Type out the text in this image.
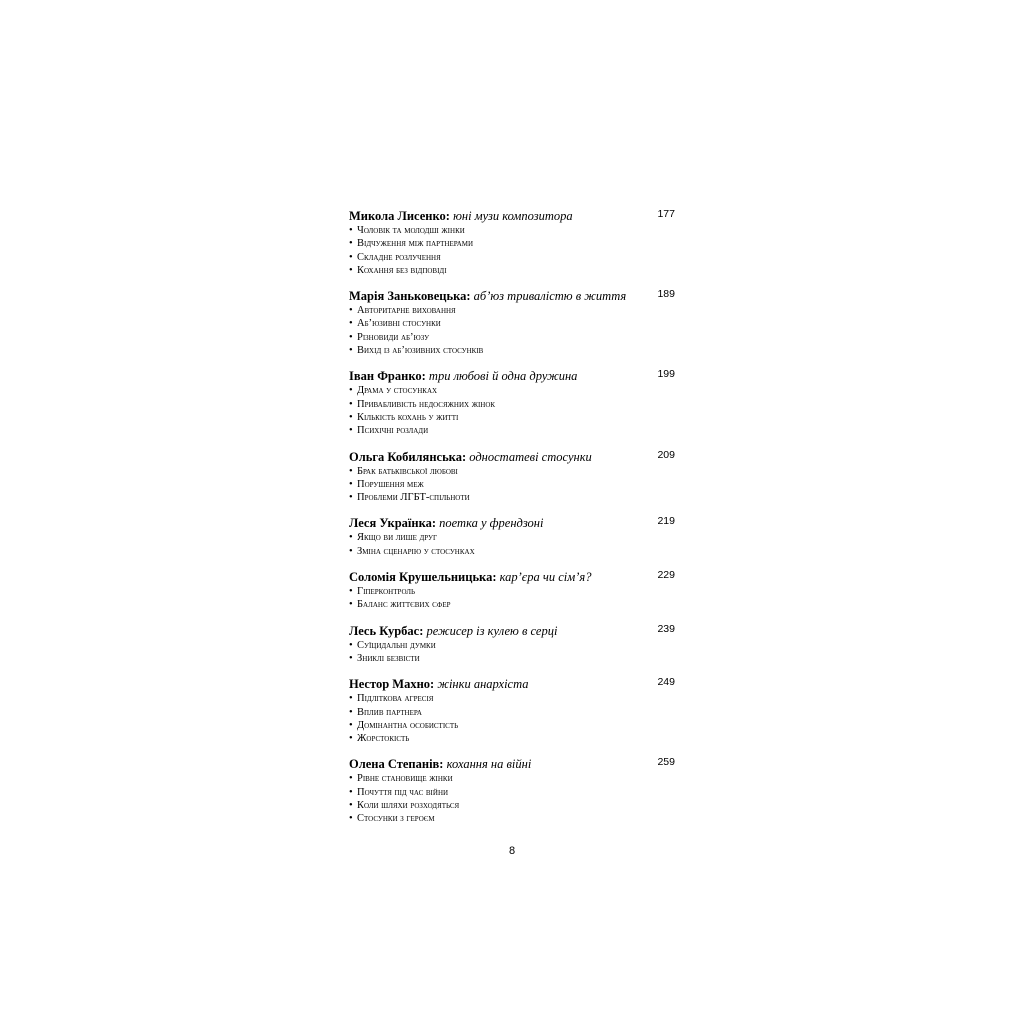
Микола Лисенко: юні музи композитора	177
• Чоловік та молодші жінки
• Відчуження між партнерами
• Складне розлучення
• Кохання без відповіді
Марія Заньковецька: аб’юз тривалістю в життя	189
• Авторитарне виховання
• Аб’юзивні стосунки
• Різновиди аб’юзу
• Вихід із аб’юзивних стосунків
Іван Франко: три любові й одна дружина	199
• Драма у стосунках
• Привабливість недосяжних жінок
• Кількість кохань у житті
• Психічні розлади
Ольга Кобилянська: одностатеві стосунки	209
• Брак батьківської любові
• Порушення меж
• Проблеми ЛГБТ-спільноти
Леся Українка: поетка у френдзоні	219
• Якщо ви лише друг
• Зміна сценарію у стосунках
Соломія Крушельницька: кар’єра чи сім’я?	229
• Гіперконтроль
• Баланс життєвих сфер
Лесь Курбас: режисер із кулею в серці	239
• Суїцидальні думки
• Зниклі безвісти
Нестор Махно: жінки анархіста	249
• Підліткова агресія
• Вплив партнера
• Домінантна особистість
• Жорстокість
Олена Степанів: кохання на війні	259
• Рівне становище жінки
• Почуття під час війни
• Коли шляхи розходяться
• Стосунки з героєм
8
